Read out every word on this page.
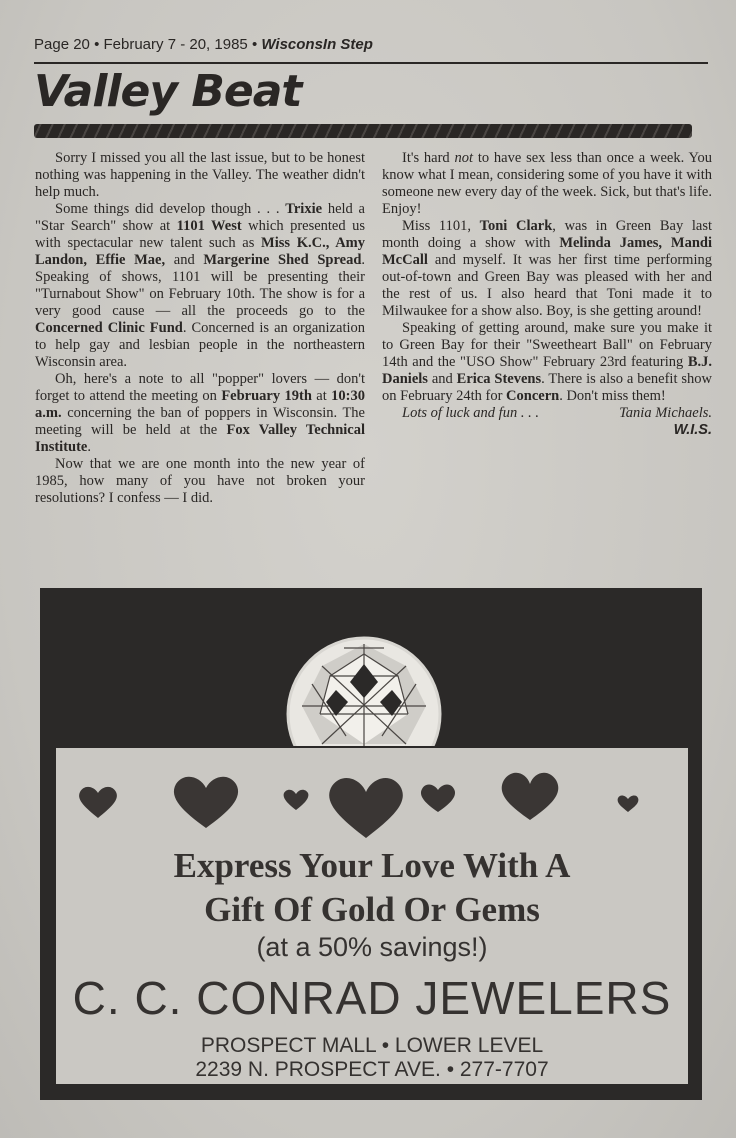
Page 20 • February 7 - 20, 1985 • WisconsIn Step
Valley Beat

Sorry I missed you all the last issue, but to be honest nothing was happening in the Valley. The weather didn't help much.

Some things did develop though . . . Trixie held a "Star Search" show at 1101 West which presented us with spectacular new talent such as Miss K.C., Amy Landon, Effie Mae, and Margerine Shed Spread. Speaking of shows, 1101 will be presenting their "Turnabout Show" on February 10th. The show is for a very good cause — all the proceeds go to the Concerned Clinic Fund. Concerned is an organization to help gay and lesbian people in the northeastern Wisconsin area.

Oh, here's a note to all "popper" lovers — don't forget to attend the meeting on February 19th at 10:30 a.m. concerning the ban of poppers in Wisconsin. The meeting will be held at the Fox Valley Technical Institute.

Now that we are one month into the new year of 1985, how many of you have not broken your resolutions? I confess — I did.

It's hard not to have sex less than once a week. You know what I mean, considering some of you have it with someone new every day of the week. Sick, but that's life. Enjoy!

Miss 1101, Toni Clark, was in Green Bay last month doing a show with Melinda James, Mandi McCall and myself. It was her first time performing out-of-town and Green Bay was pleased with her and the rest of us. I also heard that Toni made it to Milwaukee for a show also. Boy, is she getting around!

Speaking of getting around, make sure you make it to Green Bay for their "Sweetheart Ball" on February 14th and the "USO Show" February 23rd featuring B.J. Daniels and Erica Stevens. There is also a benefit show on February 24th for Concern. Don't miss them!

Lots of luck and fun . . .	Tania Michaels.
W.I.S.
Express Your Love With A
Gift Of Gold Or Gems
(at a 50% savings!)
C. C. CONRAD JEWELERS
PROSPECT MALL • LOWER LEVEL
2239 N. PROSPECT AVE. • 277-7707
